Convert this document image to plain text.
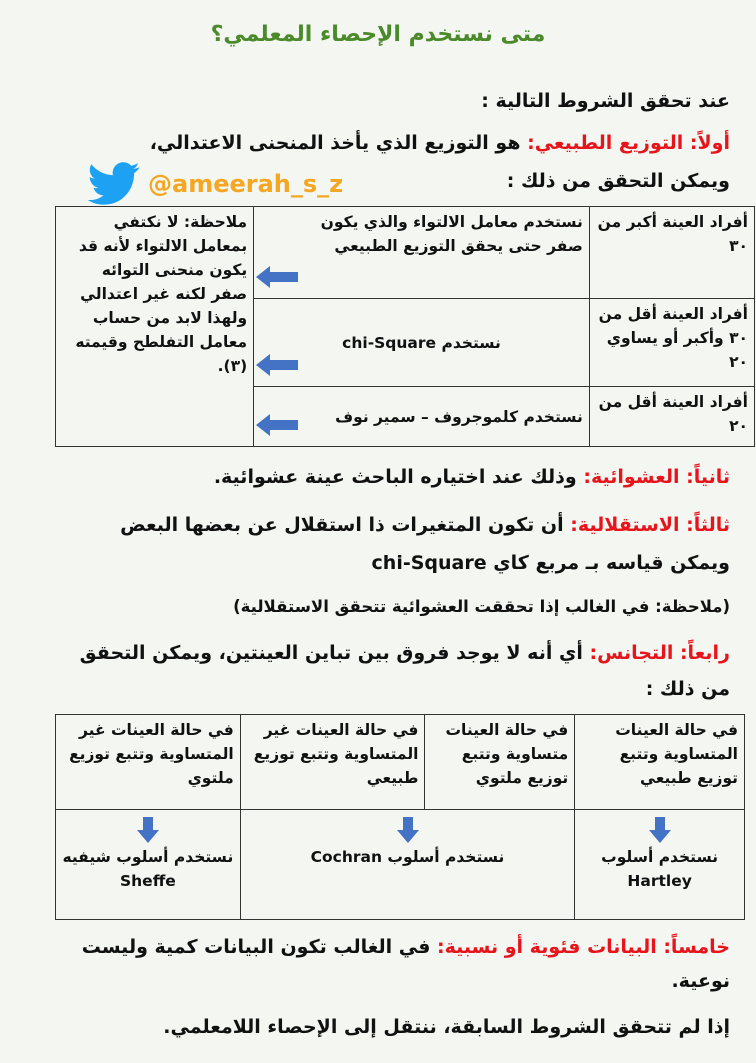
متى نستخدم الإحصاء المعلمي؟
عند تحقق الشروط التالية :
أولاً: التوزيع الطبيعي: هو التوزيع الذي يأخذ المنحنى الاعتدالي،
ويمكن التحقق من ذلك :
@ameerah_s_z
أفراد العينة أكبر من ٣٠	نستخدم معامل الالتواء والذي يكون صفر حتى يحقق التوزيع الطبيعي	ملاحظة: لا نكتفي بمعامل الالتواء لأنه قد يكون منحنى التوائه صفر لكنه غير اعتدالي ولهذا لابد من حساب معامل التفلطح وقيمته (٣).
أفراد العينة أقل من ٣٠ وأكبر أو يساوي ٢٠	نستخدم chi-Square	

أفراد العينة أقل من ٢٠	نستخدم كلموجروف – سمير نوف	
ثانياً: العشوائية: وذلك عند اختياره الباحث عينة عشوائية.
ثالثاً: الاستقلالية: أن تكون المتغيرات ذا استقلال عن بعضها البعض
ويمكن قياسه بـ مربع كاي chi-Square
(ملاحظة: في الغالب إذا تحققت العشوائية تتحقق الاستقلالية)
رابعاً: التجانس: أي أنه لا يوجد فروق بين تباين العينتين، ويمكن التحقق
من ذلك :
في حالة العينات المتساوية وتتبع توزيع طبيعي	في حالة العينات متساوية وتتبع توزيع ملتوي	في حالة العينات غير المتساوية وتتبع توزيع طبيعي	في حالة العينات غير المتساوية وتتبع توزيع ملتوي

نستخدم أسلوب Hartley	نستخدم أسلوب Cochran		نستخدم أسلوب شيفيه Sheffe
خامساً: البيانات فئوية أو نسبية: في الغالب تكون البيانات كمية وليست
نوعية.
إذا لم تتحقق الشروط السابقة، ننتقل إلى الإحصاء اللامعلمي.
